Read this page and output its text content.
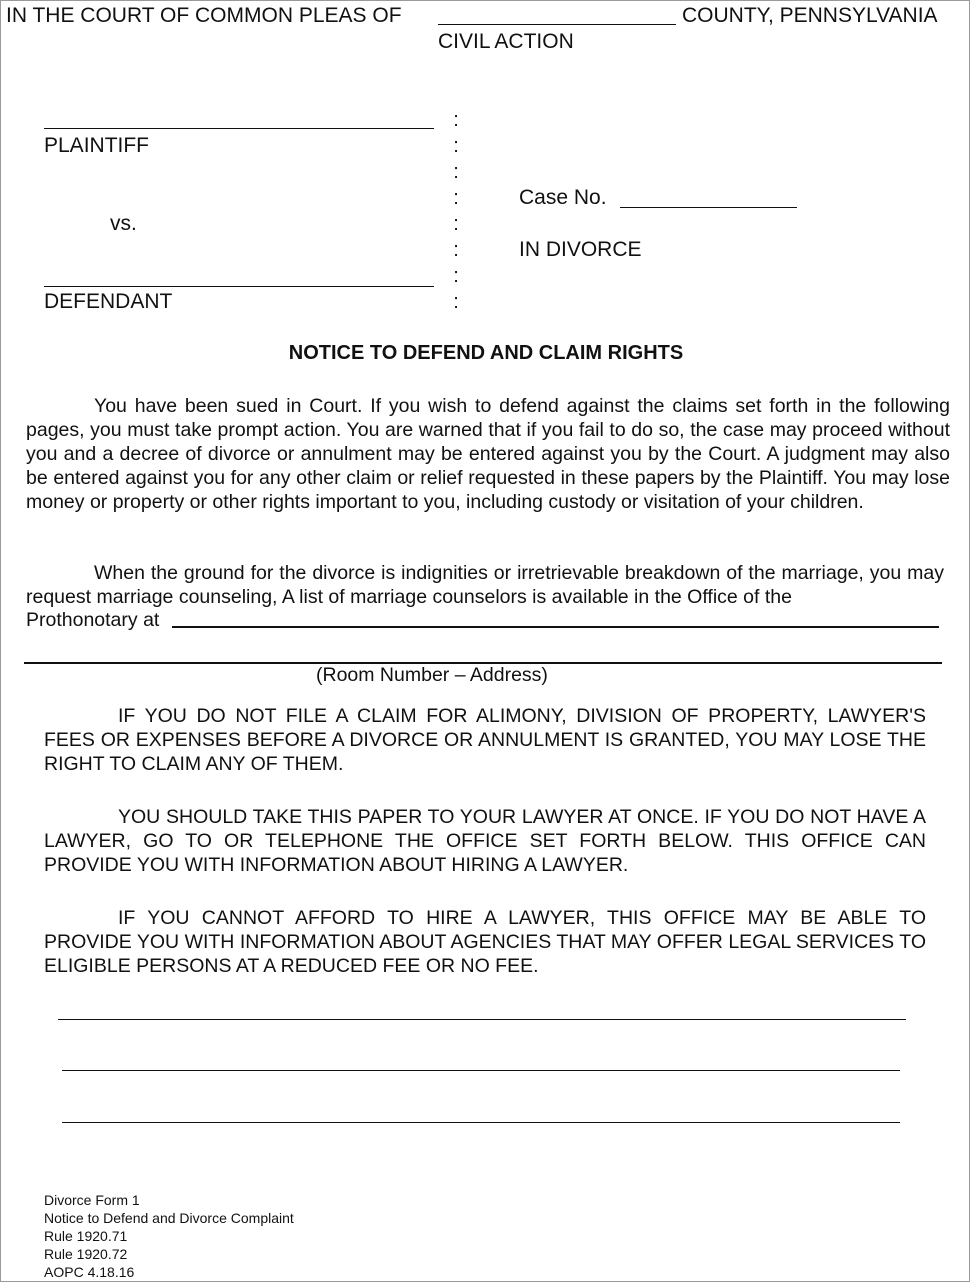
IN THE COURT OF COMMON PLEAS OF	COUNTY, PENNSYLVANIA
CIVIL ACTION
PLAINTIFF
vs.
DEFENDANT
:
:
:
:
:
:
:
:
Case No.
IN DIVORCE
NOTICE TO DEFEND AND CLAIM RIGHTS
You have been sued in Court. If you wish to defend against the claims set forth in the following pages, you must take prompt action. You are warned that if you fail to do so, the case may proceed without you and a decree of divorce or annulment may be entered against you by the Court. A judgment may also be entered against you for any other claim or relief requested in these papers by the Plaintiff. You may lose money or property or other rights important to you, including custody or visitation of your children.
When the ground for the divorce is indignities or irretrievable breakdown of the marriage, you may request marriage counseling, A list of marriage counselors is available in the Office of the
Prothonotary at
(Room Number – Address)
IF YOU DO NOT FILE A CLAIM FOR ALIMONY, DIVISION OF PROPERTY, LAWYER'S FEES OR EXPENSES BEFORE A DIVORCE OR ANNULMENT IS GRANTED, YOU MAY LOSE THE RIGHT TO CLAIM ANY OF THEM.
YOU SHOULD TAKE THIS PAPER TO YOUR LAWYER AT ONCE. IF YOU DO NOT HAVE A LAWYER, GO TO OR TELEPHONE THE OFFICE SET FORTH BELOW. THIS OFFICE CAN PROVIDE YOU WITH INFORMATION ABOUT HIRING A LAWYER.
IF YOU CANNOT AFFORD TO HIRE A LAWYER, THIS OFFICE MAY BE ABLE TO PROVIDE YOU WITH INFORMATION ABOUT AGENCIES THAT MAY OFFER LEGAL SERVICES TO ELIGIBLE PERSONS AT A REDUCED FEE OR NO FEE.
Divorce Form 1
Notice to Defend and Divorce Complaint
Rule 1920.71
Rule 1920.72
AOPC 4.18.16
